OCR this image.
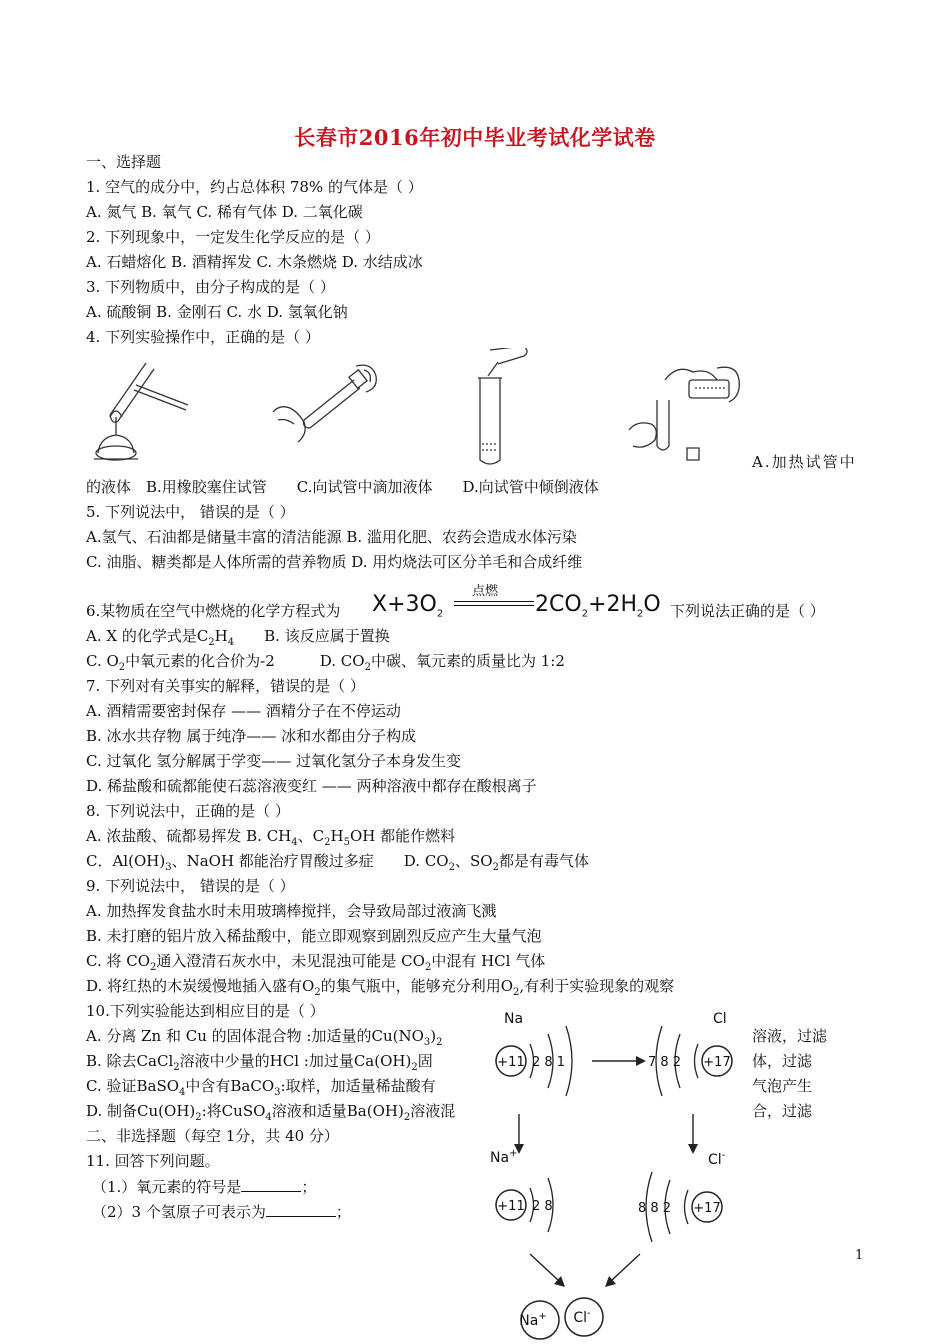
长春市2016年初中毕业考试化学试卷
一、选择题
1. 空气的成分中，约占总体积 78% 的气体是（ ）
A. 氮气 B. 氧气 C. 稀有气体 D. 二氧化碳
2. 下列现象中，一定发生化学反应的是（ ）
A. 石蜡熔化 B. 酒精挥发 C. 木条燃烧 D. 水结成冰
3. 下列物质中，由分子构成的是（ ）
A. 硫酸铜 B. 金刚石 C. 水 D. 氢氧化钠
4. 下列实验操作中，正确的是（ ）
A.加热试管中
的液体　B.用橡胶塞住试管　　C.向试管中滴加液体　　D.向试管中倾倒液体
5. 下列说法中， 错误的是（ ）
A.氢气、石油都是储量丰富的清洁能源 B. 滥用化肥、农药会造成水体污染
C. 油脂、糖类都是人体所需的营养物质 D. 用灼烧法可区分羊毛和合成纤维
6.某物质在空气中燃烧的化学方程式为
点燃
$X+3O_2$	$2CO_2+2H_2O$ 下列说法正确的是（ ）
A. X 的化学式是$C_2H_4$　　B. 该反应属于置换
C. $O_2$中氧元素的化合价为-2　　　D. $CO_2$中碳、氧元素的质量比为 1:2
7. 下列对有关事实的解释，错误的是（ ）
A. 酒精需要密封保存 —— 酒精分子在不停运动
B. 冰水共存物 属于纯净—— 冰和水都由分子构成
C. 过氧化 氢分解属于学变—— 过氧化氢分子本身发生变
D. 稀盐酸和硫都能使石蕊溶液变红 —— 两种溶液中都存在酸根离子
8. 下列说法中，正确的是（ ）
A. 浓盐酸、硫都易挥发 B. $CH_4$、$C_2H_5OH$ 都能作燃料
C．$Al(OH)_3$、NaOH 都能治疗胃酸过多症　　D. $CO_2$、$SO_2$都是有毒气体
9. 下列说法中， 错误的是（ ）
A. 加热挥发食盐水时未用玻璃棒搅拌，会导致局部过液滴飞溅
B. 未打磨的铝片放入稀盐酸中，能立即观察到剧烈反应产生大量气泡
C. 将 $CO_2$通入澄清石灰水中，未见混浊可能是 $CO_2$中混有 HCl 气体
D. 将红热的木炭缓慢地插入盛有$O_2$的集气瓶中，能够充分利用$O_2$,有利于实验现象的观察
10.下列实验能达到相应目的是（ ）
A. 分离 Zn 和 Cu 的固体混合物 :加适量的$Cu(NO_3)_2$
B. 除去CaCl$_2$溶液中少量的HCl :加过量$Ca(OH)_2$固
C. 验证BaSO$_4$中含有BaCO$_3$:取样，加适量稀盐酸有
D. 制备$Cu(OH)_2$:将CuSO$_4$溶液和适量$Ba(OH)_2$溶液混
溶液，过滤
体，过滤
气泡产生
合，过滤
二、非选择题（每空 1分，共 40 分）
11. 回答下列问题。
（1.）氧元素的符号是	；
（2）3 个氢原子可表示为	；
Na
+11 2 8 1
Cl
+17
7 8 2
Na+
+11 2 8
Cl-
+17
8 8 2
Na+ Cl-
1
